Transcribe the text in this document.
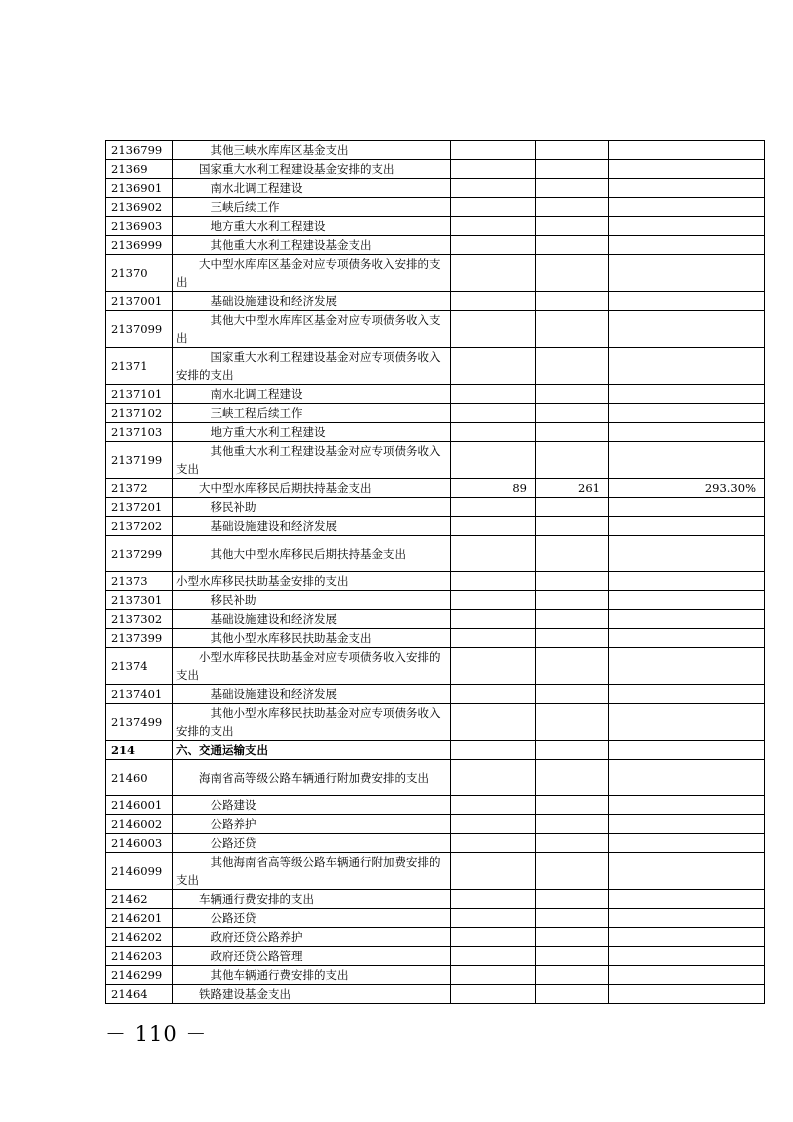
2136799	其他三峡水库库区基金支出			
21369	国家重大水利工程建设基金安排的支出			
2136901	南水北调工程建设			
2136902	三峡后续工作			
2136903	地方重大水利工程建设			
2136999	其他重大水利工程建设基金支出			
21370	大中型水库库区基金对应专项债务收入安排的支出			
2137001	基础设施建设和经济发展			
2137099	其他大中型水库库区基金对应专项债务收入支出			
21371	国家重大水利工程建设基金对应专项债务收入安排的支出			
2137101	南水北调工程建设			
2137102	三峡工程后续工作			
2137103	地方重大水利工程建设			
2137199	其他重大水利工程建设基金对应专项债务收入支出			
21372	大中型水库移民后期扶持基金支出	89	261	293.30%
2137201	移民补助			
2137202	基础设施建设和经济发展			
2137299	其他大中型水库移民后期扶持基金支出			
21373	小型水库移民扶助基金安排的支出			
2137301	移民补助			
2137302	基础设施建设和经济发展			
2137399	其他小型水库移民扶助基金支出			
21374	小型水库移民扶助基金对应专项债务收入安排的支出			
2137401	基础设施建设和经济发展			
2137499	其他小型水库移民扶助基金对应专项债务收入安排的支出			
214	六、交通运输支出			
21460	海南省高等级公路车辆通行附加费安排的支出			
2146001	公路建设			
2146002	公路养护			
2146003	公路还贷			
2146099	其他海南省高等级公路车辆通行附加费安排的支出			
21462	车辆通行费安排的支出			
2146201	公路还贷			
2146202	政府还贷公路养护			
2146203	政府还贷公路管理			
2146299	其他车辆通行费安排的支出			
21464	铁路建设基金支出			
－ 110 －
